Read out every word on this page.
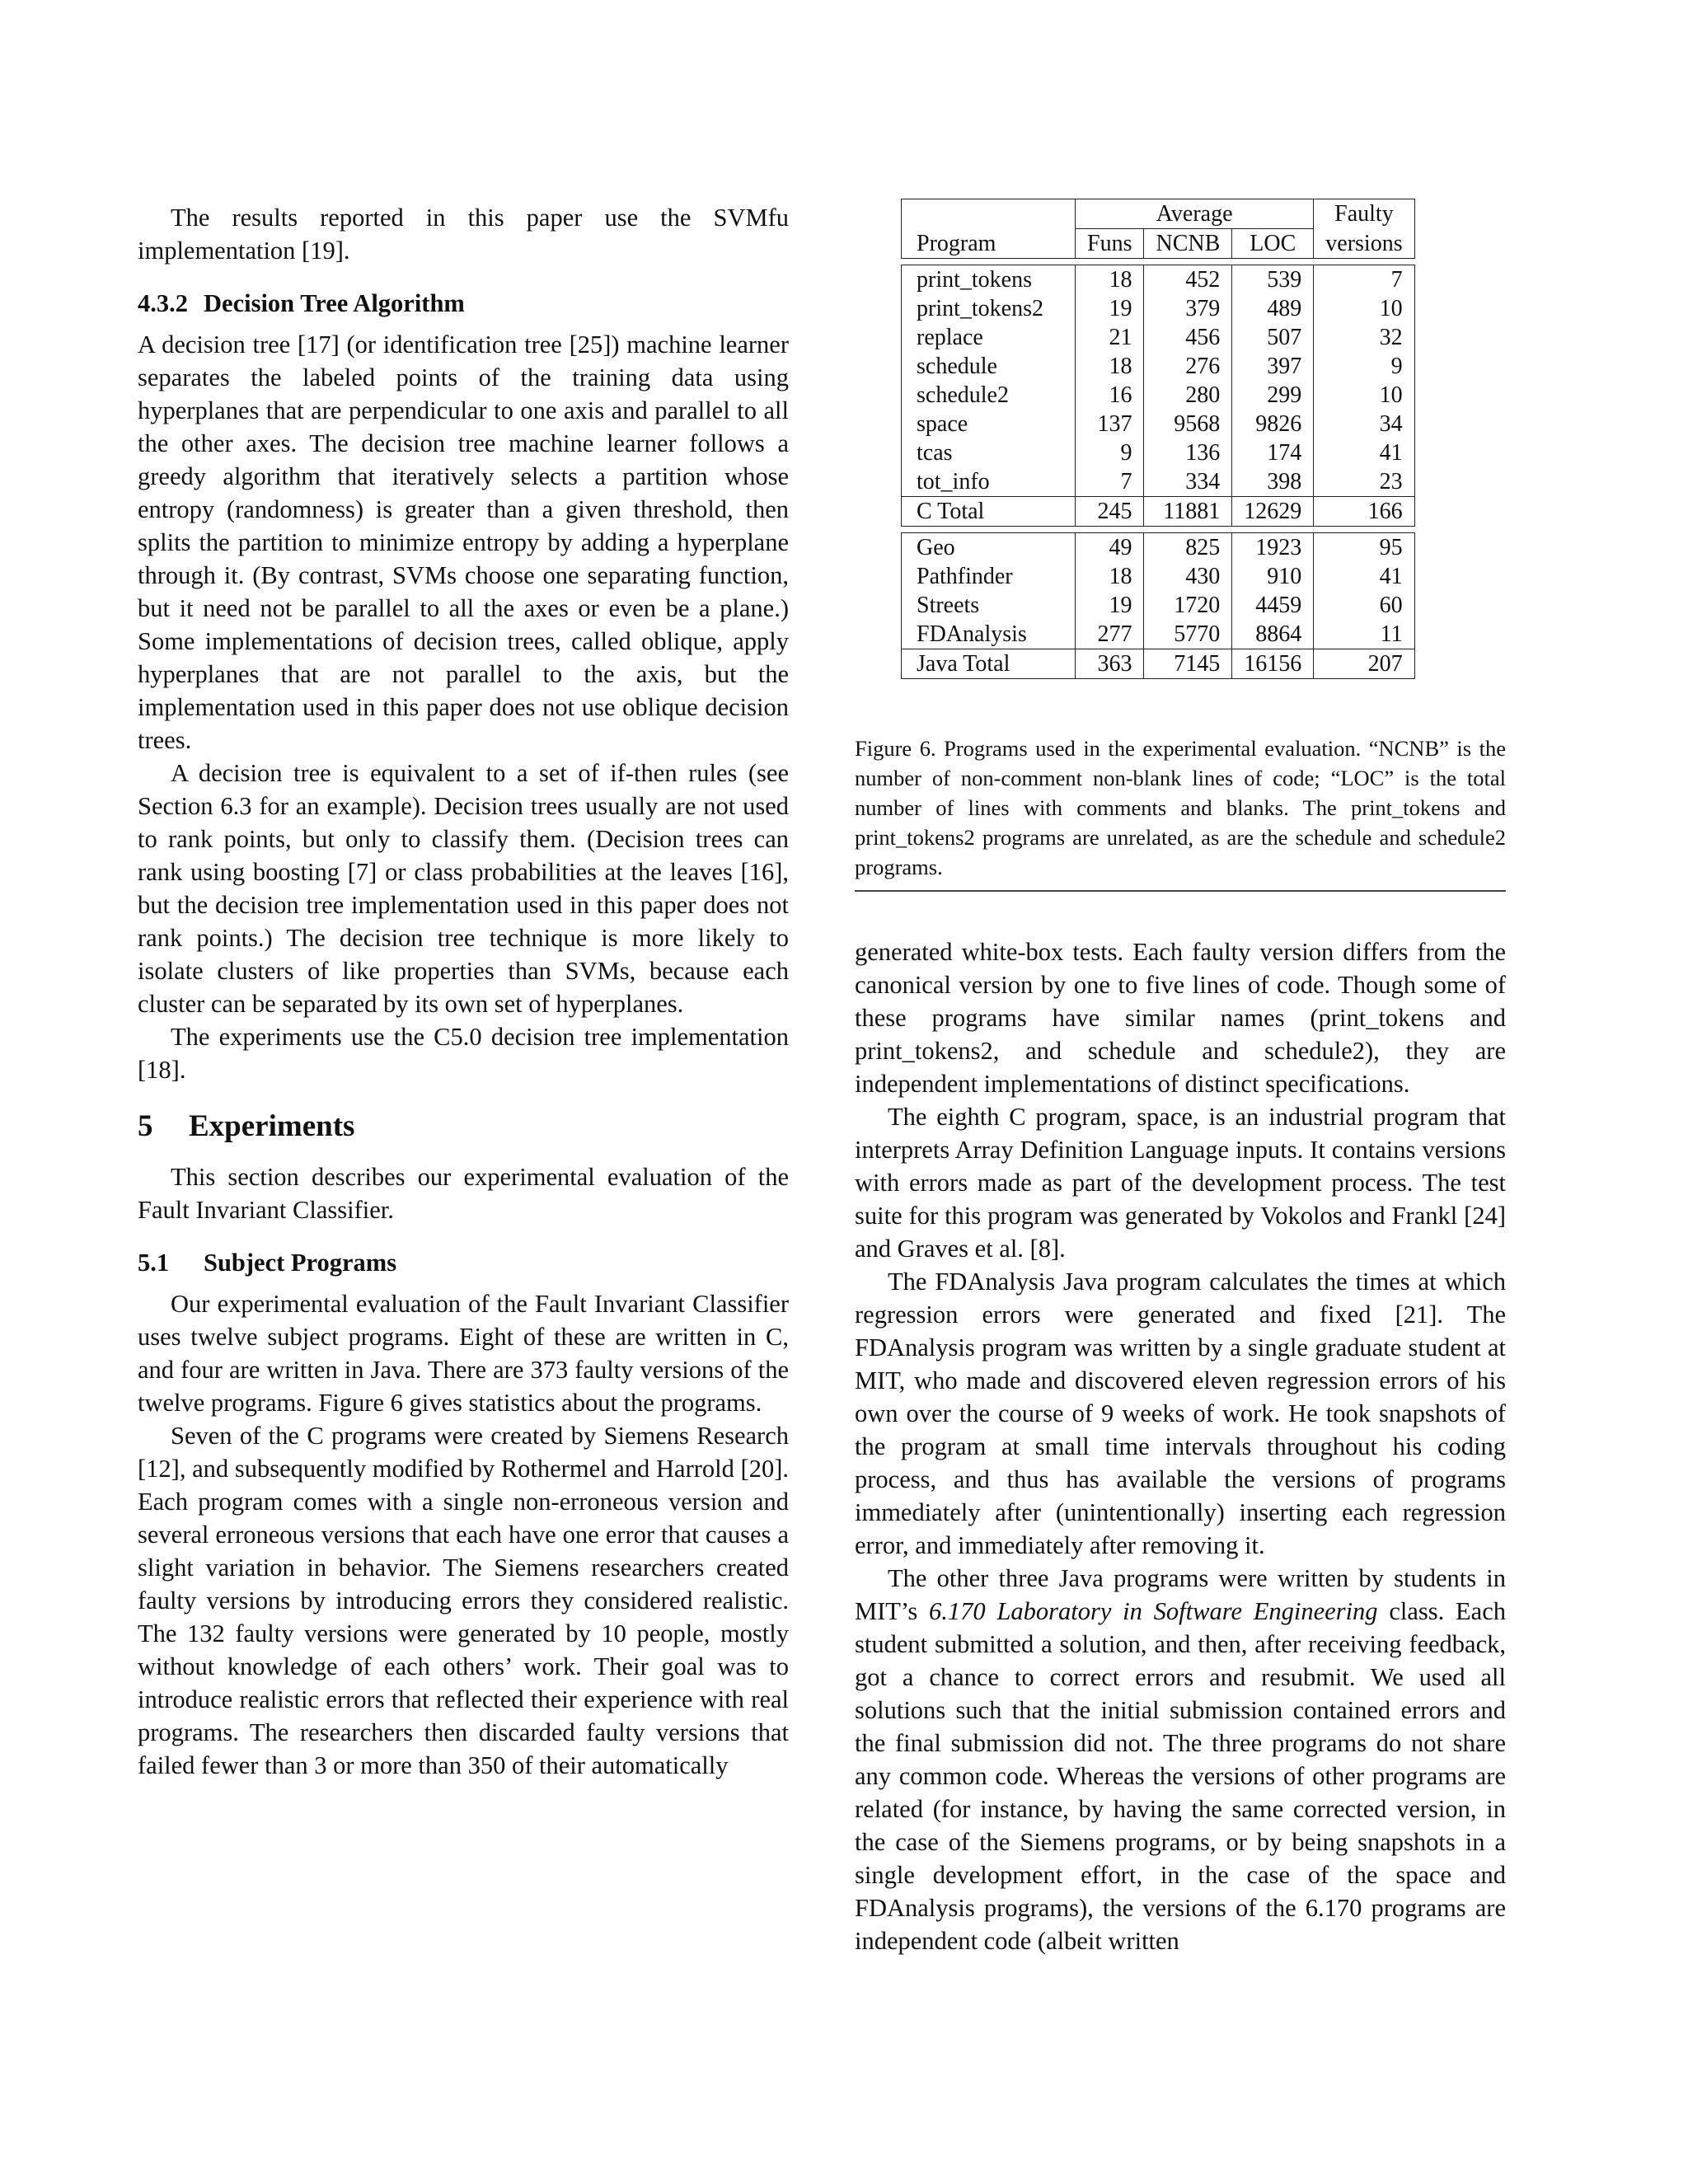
The results reported in this paper use the SVMfu implementation [19].

4.3.2 Decision Tree Algorithm

A decision tree [17] (or identification tree [25]) machine learner separates the labeled points of the training data using hyperplanes that are perpendicular to one axis and parallel to all the other axes. The decision tree machine learner follows a greedy algorithm that iteratively selects a partition whose entropy (randomness) is greater than a given threshold, then splits the partition to minimize entropy by adding a hyperplane through it. (By contrast, SVMs choose one separating function, but it need not be parallel to all the axes or even be a plane.) Some implementations of decision trees, called oblique, apply hyperplanes that are not parallel to the axis, but the implementation used in this paper does not use oblique decision trees.

A decision tree is equivalent to a set of if-then rules (see Section 6.3 for an example). Decision trees usually are not used to rank points, but only to classify them. (Decision trees can rank using boosting [7] or class probabilities at the leaves [16], but the decision tree implementation used in this paper does not rank points.) The decision tree technique is more likely to isolate clusters of like properties than SVMs, because each cluster can be separated by its own set of hyperplanes.

The experiments use the C5.0 decision tree implementation [18].

5 Experiments

This section describes our experimental evaluation of the Fault Invariant Classifier.

5.1 Subject Programs

Our experimental evaluation of the Fault Invariant Classifier uses twelve subject programs. Eight of these are written in C, and four are written in Java. There are 373 faulty versions of the twelve programs. Figure 6 gives statistics about the programs.

Seven of the C programs were created by Siemens Research [12], and subsequently modified by Rothermel and Harrold [20]. Each program comes with a single non-erroneous version and several erroneous versions that each have one error that causes a slight variation in behavior. The Siemens researchers created faulty versions by introducing errors they considered realistic. The 132 faulty versions were generated by 10 people, mostly without knowledge of each others’ work. Their goal was to introduce realistic errors that reflected their experience with real programs. The researchers then discarded faulty versions that failed fewer than 3 or more than 350 of their automatically

	Average			Faulty
Program	Funs	NCNB	LOC	versions

print_tokens	18	452	539	7
print_tokens2	19	379	489	10
replace	21	456	507	32
schedule	18	276	397	9
schedule2	16	280	299	10
space	137	9568	9826	34
tcas	9	136	174	41
tot_info	7	334	398	23
C Total	245	11881	12629	166

Geo	49	825	1923	95
Pathfinder	18	430	910	41
Streets	19	1720	4459	60
FDAnalysis	277	5770	8864	11
Java Total	363	7145	16156	207
Figure 6. Programs used in the experimental evaluation. “NCNB” is the number of non-comment non-blank lines of code; “LOC” is the total number of lines with comments and blanks. The print_tokens and print_tokens2 programs are unrelated, as are the schedule and schedule2 programs.

generated white-box tests. Each faulty version differs from the canonical version by one to five lines of code. Though some of these programs have similar names (print_tokens and print_tokens2, and schedule and schedule2), they are independent implementations of distinct specifications.

The eighth C program, space, is an industrial program that interprets Array Definition Language inputs. It contains versions with errors made as part of the development process. The test suite for this program was generated by Vokolos and Frankl [24] and Graves et al. [8].

The FDAnalysis Java program calculates the times at which regression errors were generated and fixed [21]. The FDAnalysis program was written by a single graduate student at MIT, who made and discovered eleven regression errors of his own over the course of 9 weeks of work. He took snapshots of the program at small time intervals throughout his coding process, and thus has available the versions of programs immediately after (unintentionally) inserting each regression error, and immediately after removing it.

The other three Java programs were written by students in MIT’s 6.170 Laboratory in Software Engineering class. Each student submitted a solution, and then, after receiving feedback, got a chance to correct errors and resubmit. We used all solutions such that the initial submission contained errors and the final submission did not. The three programs do not share any common code. Whereas the versions of other programs are related (for instance, by having the same corrected version, in the case of the Siemens programs, or by being snapshots in a single development effort, in the case of the space and FDAnalysis programs), the versions of the 6.170 programs are independent code (albeit written
